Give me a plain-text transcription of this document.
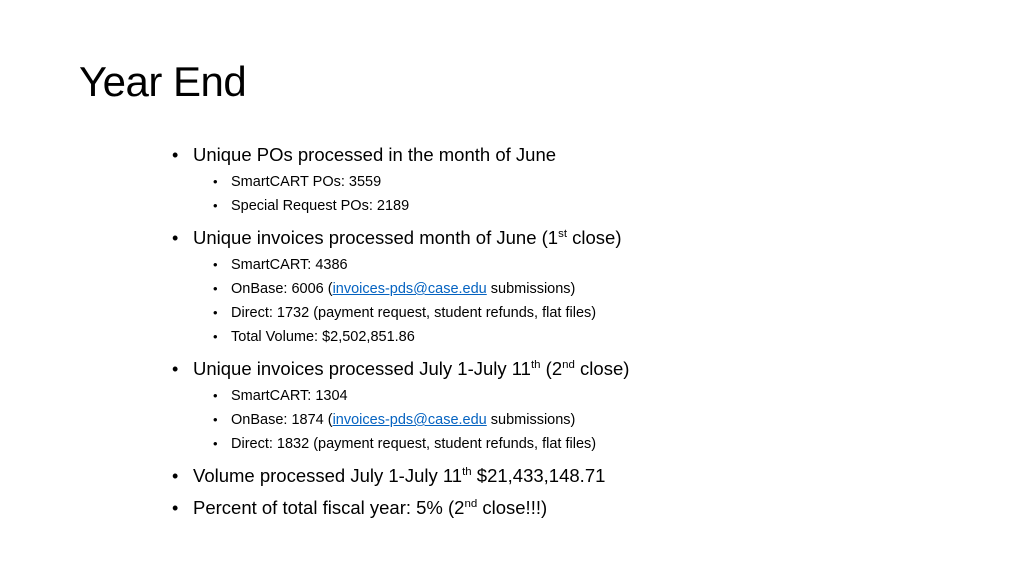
Year End
• Unique POs processed in the month of June
• SmartCART POs: 3559
• Special Request POs: 2189
• Unique invoices processed month of June (1st close)
• SmartCART: 4386
• OnBase: 6006 (invoices-pds@case.edu submissions)
• Direct: 1732 (payment request, student refunds, flat files)
• Total Volume: $2,502,851.86
• Unique invoices processed July 1-July 11th (2nd close)
• SmartCART: 1304
• OnBase: 1874 (invoices-pds@case.edu submissions)
• Direct: 1832 (payment request, student refunds, flat files)
• Volume processed July 1-July 11th $21,433,148.71
• Percent of total fiscal year: 5% (2nd close!!!)
